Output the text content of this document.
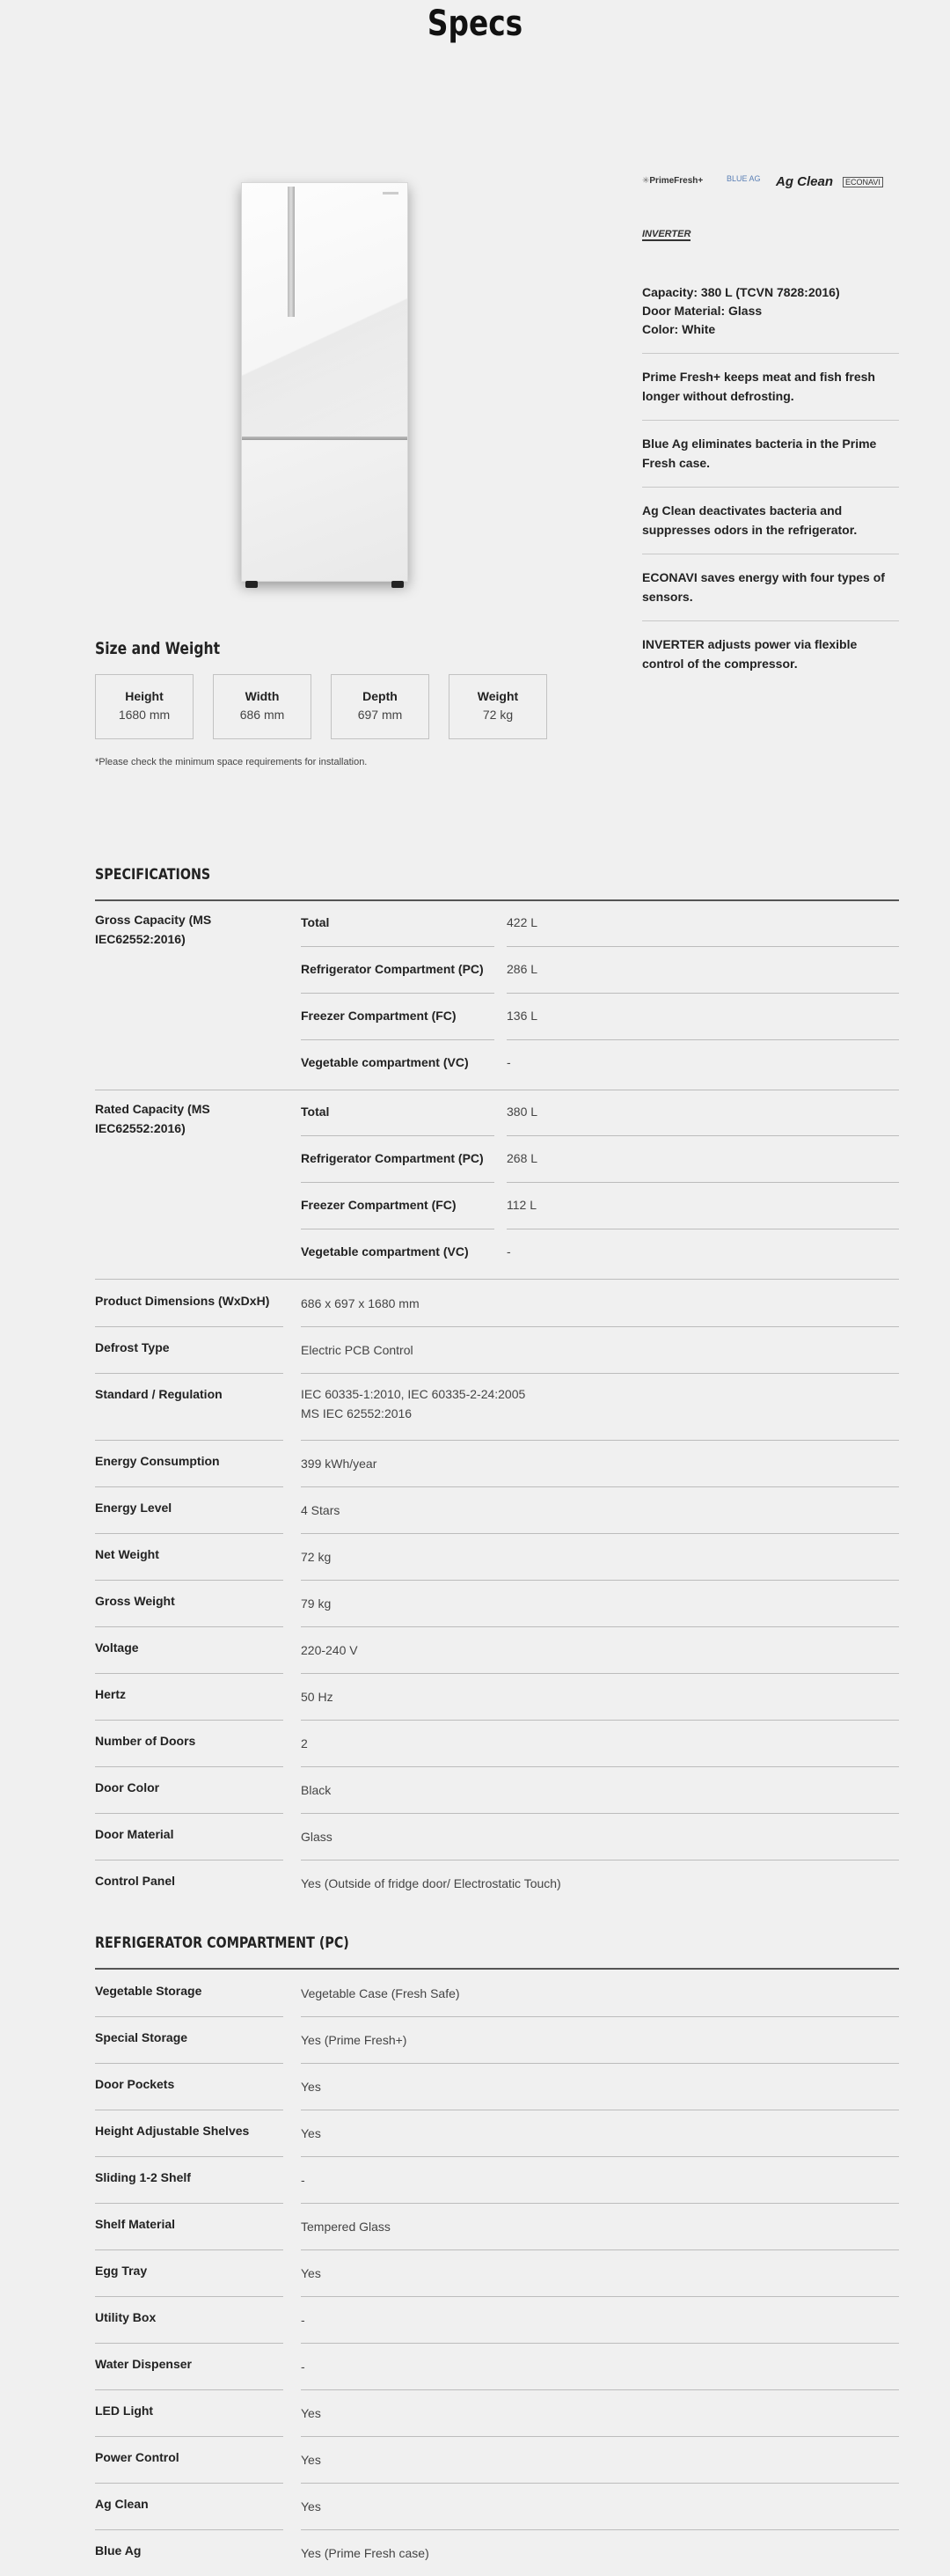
Specs
✳PrimeFresh+	BLUE AG Ag Clean	ECONAVI
INVERTER

Capacity: 380 L (TCVN 7828:2016)

Door Material: Glass

Color: White

Prime Fresh+ keeps meat and fish fresh longer without defrosting.
Blue Ag eliminates bacteria in the Prime Fresh case.
Ag Clean deactivates bacteria and suppresses odors in the refrigerator.
ECONAVI saves energy with four types of sensors.
INVERTER adjusts power via flexible control of the compressor.
Size and Weight
Height
1680 mm
Width
686 mm
Depth
697 mm
Weight
72 kg
*Please check the minimum space requirements for installation.
SPECIFICATIONS
Gross Capacity (MS IEC62552:2016)
Total	422 L
Refrigerator Compartment (PC)	286 L
Freezer Compartment (FC)	136 L
Vegetable compartment (VC)	-
Rated Capacity (MS IEC62552:2016)
Total	380 L
Refrigerator Compartment (PC)	268 L
Freezer Compartment (FC)	112 L
Vegetable compartment (VC)	-
Product Dimensions (WxDxH)	686 x 697 x 1680 mm
Defrost Type	Electric PCB Control
Standard / Regulation	IEC 60335-1:2010, IEC 60335-2-24:2005
MS IEC 62552:2016
Energy Consumption	399 kWh/year
Energy Level	4 Stars
Net Weight	72 kg
Gross Weight	79 kg
Voltage	220-240 V
Hertz	50 Hz
Number of Doors	2
Door Color	Black
Door Material	Glass
Control Panel	Yes (Outside of fridge door/ Electrostatic Touch)
REFRIGERATOR COMPARTMENT (PC)
Vegetable Storage	Vegetable Case (Fresh Safe)
Special Storage	Yes (Prime Fresh+)
Door Pockets	Yes
Height Adjustable Shelves	Yes
Sliding 1-2 Shelf	-
Shelf Material	Tempered Glass
Egg Tray	Yes
Utility Box	-
Water Dispenser	-
LED Light	Yes
Power Control	Yes
Ag Clean	Yes
Blue Ag	Yes (Prime Fresh case)
